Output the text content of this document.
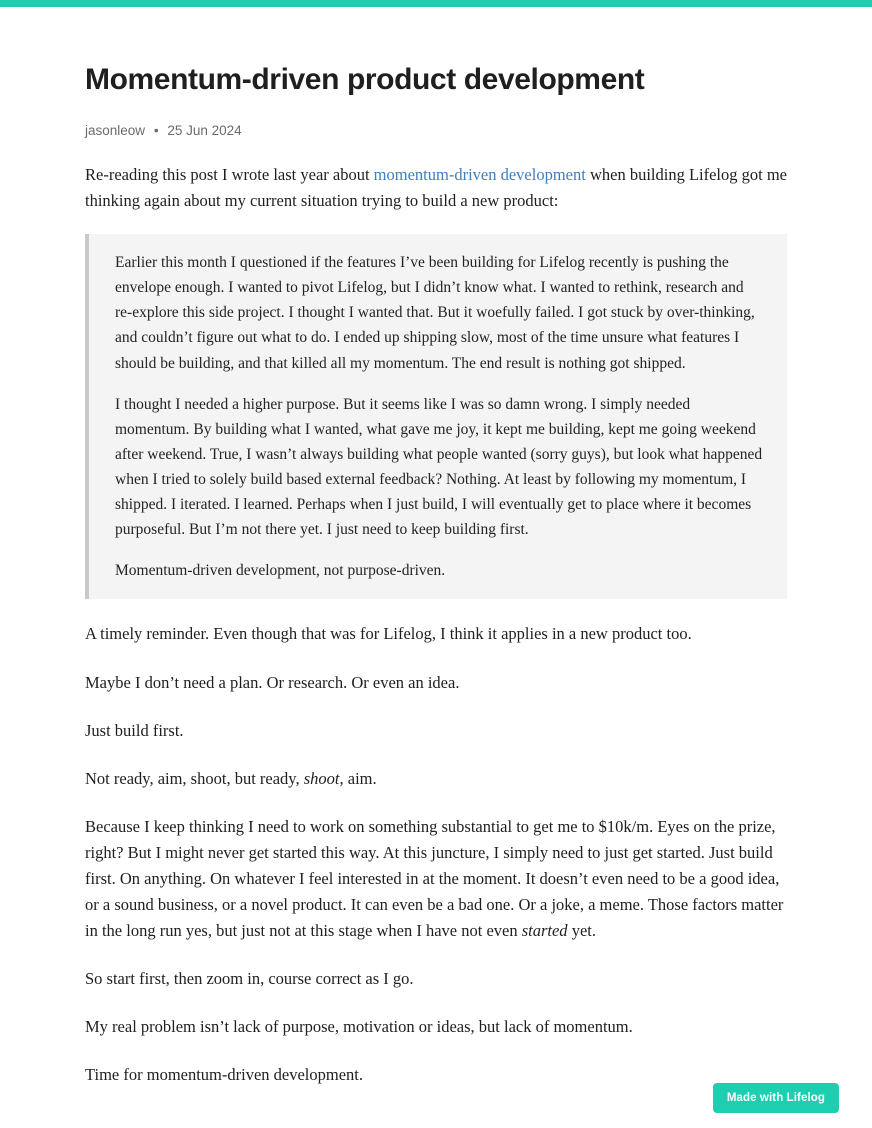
Momentum-driven product development
jasonleow • 25 Jun 2024

Re-reading this post I wrote last year about momentum-driven development when building Lifelog got me thinking again about my current situation trying to build a new product:

Earlier this month I questioned if the features I’ve been building for Lifelog recently is pushing the envelope enough. I wanted to pivot Lifelog, but I didn’t know what. I wanted to rethink, research and re-explore this side project. I thought I wanted that. But it woefully failed. I got stuck by over-thinking, and couldn’t figure out what to do. I ended up shipping slow, most of the time unsure what features I should be building, and that killed all my momentum. The end result is nothing got shipped.

I thought I needed a higher purpose. But it seems like I was so damn wrong. I simply needed momentum. By building what I wanted, what gave me joy, it kept me building, kept me going weekend after weekend. True, I wasn’t always building what people wanted (sorry guys), but look what happened when I tried to solely build based external feedback? Nothing. At least by following my momentum, I shipped. I iterated. I learned. Perhaps when I just build, I will eventually get to place where it becomes purposeful. But I’m not there yet. I just need to keep building first.

Momentum-driven development, not purpose-driven.

A timely reminder. Even though that was for Lifelog, I think it applies in a new product too.

Maybe I don’t need a plan. Or research. Or even an idea.

Just build first.

Not ready, aim, shoot, but ready, shoot, aim.

Because I keep thinking I need to work on something substantial to get me to $10k/m. Eyes on the prize, right? But I might never get started this way. At this juncture, I simply need to just get started. Just build first. On anything. On whatever I feel interested in at the moment. It doesn’t even need to be a good idea, or a sound business, or a novel product. It can even be a bad one. Or a joke, a meme. Those factors matter in the long run yes, but just not at this stage when I have not even started yet.

So start first, then zoom in, course correct as I go.

My real problem isn’t lack of purpose, motivation or ideas, but lack of momentum.

Time for momentum-driven development.

Made with Lifelog
